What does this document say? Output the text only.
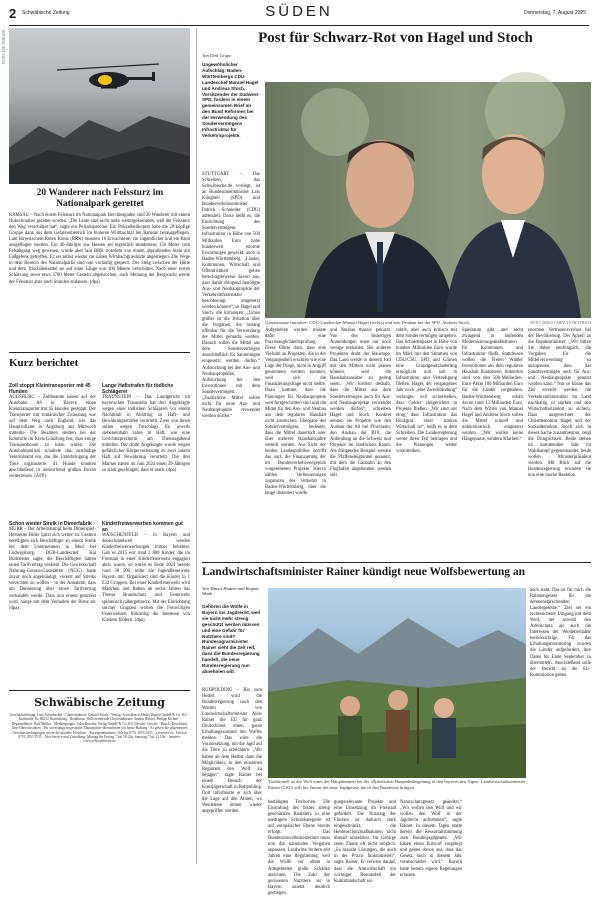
2 Schwäbische Zeitung	SÜDEN	Donnerstag, 7. August 2025
FOTO: DIE JUNGEN
20 Wanderer nach Felssturz im Nationalpark gerettet
RAMSAU – Nach einem Felssturz im Nationalpark Berchtesgaden sind 20 Wanderer mit einem Hubschrauber gerettet worden. „Die Leute sind nicht mehr weitergekommen, weil der Felssturz den Weg verschüttet hat“, sagte ein Polizeisprecher. Ein Polizeihelikopter habe die 20-köpfige Gruppe dann aus dem Gefahrenbereich im hinteren Wimbachtal bei Ramsau herausgeflogen. Laut Bayerischem Roten Kreuz (BRK) mussten 18 Erwachsene, ein Jugendlicher und ein Kind ausgeflogen werden. Ein 46-Jähriger aus Hessen sei eigentlich mindestens 150 Meter vom Felsabgang weg gewesen, wurde aber laut BRK trotzdem von einem abprallenden Stein am Fußgelenk getroffen. Er sei selbst wieder zur nahen Wimbachgrieshütte abgestiegen. Die Wege in dem Bereich des Nationalparks sind nun vorläufig gesperrt. Der Steig zwischen der Hütte und dem Trischübelsattel sei auf einer Länge von 100 Metern verschüttet. Nach einer ersten Schätzung seien etwa 3700 Meter Gestein abgebrochen, nach Meinung der Bergwacht werde der Felssturz aber noch Stunden andauern. (dpa)
Kurz berichtet
Zoll stoppt Kleintransporter mit 45 Hunden
AUGSBURG – Zollbeamte haben auf der Autobahn A8 in Bayern einen Kleintransporter mit 45 Hunden gestoppt. Der Transporter mit rumänischer Zulassung war auf dem Weg nach England, wie das Hauptzollamt in Augsburg am Mittwoch mitteilte. Die Beamten stellten bei der Kontrolle im Kreis Günzburg fest, dass einige Transportboxen zu klein waren. Die Autobahnpolizei schaltete das zuständige Veterinäramt ein, das die Unterbringung der Tiere organisierte. 41 Hunde konnten anschließend in ausreichend großen Boxen weiterreisen. (AFP)
Schon wieder Streik in Dimerfabrik
MURR – Der Arbeitskampf beim Dimerspiel-Hersteller Birne spitzt sich weiter zu. Gestern beteiligten sich Beschäftigte an einem Streik bei dem Unternehmen in Murr bei Ludwigsburg. DGB-Landeschef Kai Burmeister sagte, die Beschäftigten hätten einen Tarifvertrag verdient. Die Gewerkschaft Nahrung-Genuss-Gaststätten (NGG) hatte zuvor noch angekündigt, vorerst auf Streiks verzichten zu wollen – in der Annahme, dass am Donnerstag über einen Tarifvertrag verhandelt werde. Dass nun erneut gestreikt wird, hänge mit dem Verhalten der Birne ab. (dpa)
Lange Haftstrafen für tödliche Schlägerei
TRAUNSTEIN – Das Landgericht im bayerischen Traunstein hat drei Angeklagte wegen einer tödlichen Schlägerei vor einem Nachtklub in Altötting zu Haft- und Bewährungsstrafen verurteilt. Zwei von ihnen sollen wegen Totschlags für jeweils siebeneinhalb Jahre in Haft, wie eine Gerichtssprecherin am Dienstagabend mitteilte. Der dritte Angeklagte wurde wegen gefährlicher Körperverletzung zu zwei Jahren Haft auf Bewährung verurteilt. Die drei Männer hatten im Juni 2024 einen 39-Jährigen so stark geschlagen, dass er starb. (dpa)
Kinderfreiwerwerben kommen gut an
WAISCHENFELD – In Bayern und deutschlandweit werden Kinderfreiwerwerbungen immer beliebter. Gab es 2015 erst rund 2 800 Kinder, die im Freistaat in einer Kinderfeuerwehr engagiert aktiv waren, so waren es Ende 2024 bereits rund 30 500, teilte die Jugendfeuerwehr Bayern mit. Organisiert sind die Kinder in 1 633 Gruppen. Bei einer Kinderfeuerwehr wird Mädchen und Buben ab sechs Jahren das Thema Brandschutz und Feuerwehr spielerisch nähergebracht. Mit der Einrichtung solcher Gruppen wollen die Freiwilligen Feuerwehren frühzeitig die Interesse von Kindern fördern. (dpa)
Schwäbische Zeitung
Geschäftsführung: Lutz Schumacher · Chefredaktion: Gabriel Kords · Verlag: Schwäbisch Media Digital GmbH & Co. KG · Karlstraße 16, 88212 Ravensburg · Redaktion: Stellvertretende Chefredakteure: Jasmin Bühler, Philipp Richter · Regionalleiter: Ralf Müller · Mediengruppe: Schwäbischer Verlag GmbH & Co. KG Drexler, Gessler · Druck: Druckhaus Ulm-Oberschwaben · Für unverlangt eingesandte Manuskripte übernehmen wir keine Haftung · Es gelten die allgemeinen Geschäftsbedingungen sowie die aktuelle Preisliste · Anzeigenannahme: Telefon 0751 2955 5555 · Leserservice: Telefon 0751 2955 5555 · Abo-Service und Zustellung: Montag bis Freitag 7 bis 18 Uhr, Samstag 7 bis 12 Uhr · Internet: www.schwaebische.de
Post für Schwarz-Rot von Hagel und Stoch
Von Dirk Grupe
Ungewöhnlicher Aufschlag: Baden-Württembergs CDU-Landeschef Manuel Hagel und Andreas Stoch, Vorsitzender der Südwest-SPD, fordern in einem gemeinsamen Brief an den Bund Reformes bei der Verwendung des Sondervermögens Infrastruktur für Verkehrsprojekte.
STUTTGART – Das Schreiben, das Schwäbische.de vorliegt, ist an Bundesinnenminister Lars Klingbeil (SPD) und Bundesverkehrsminister Patrick Schnieder (CDU) adressiert. Darin heißt es, die Einrichtung des Sondervermögens Infrastruktur in Höhe von 500 Milliarden Euro habe bundesweit enorme Erwartungen geweckt, auch in Baden-Württemberg. „Länder, Kommunen, Wirtschaft und Öffentlichkeit gehen berechtigterweise davon aus, dass damit dringend benötigte Aus- und Neubauprojekte der Verkehrsinfrastruktur beschleunigt umgesetzt werden können“, so Hagel und Stoch, die kritisieren: „Umso größer ist die Irritation über die Vorgaben, die bislang offenbar für die Verwendung der Mittel gemacht werden. Danach sollen die Mittel aus dem Sondervermögen ausschließlich für Sanierungen eingesetzt werden dürfen.“ Aufstockung bei den Aus- und Neubauprojekten, Aufstockung bei den Investitionen mit dem Sondervermögen: „Zusätzliche Mittel sollen nicht für neue Aus- und Neubauprojekte verwendet werden dürfen.“
Gemeinsame Initiative: CDU-Landeschef Manuel Hagel (rechts) und sein Pendant bei der SPD, Andreas Stoch.	FOTO: IMAGO/ARNULF HETTRICH
Aufgehoben werden müsste dafür eine Praxistauglichkeitsprüfung. Diese führte dazu, dass eine Vielzahl an Projekten, die in der Vergangenheit erschien wie eine Lage der Dinge, nicht in Angriff genommen werden konnten, weil sich die Finanzierungsfrage nicht stellte. Dazu komme, dass die Planungen für Neubauprojekte weit fortgeschritten sind und die Mittel für den Aus- und Neubau aus dem regulären Haushalt nicht ausreichen. Übergabe des Sondervermögens bedeutet, dass die Mittel dauerhaft oder über mehrere Haushaltsjahre verteilt werden. Aus Sicht der beiden Landespolitiker betrifft das auch die Finanzierung der im Bundesverkehrswegeplan vorgesehenen Projekte. Hierzu zählen Verbesserungen zugunsten des Verkehrs in Baden-Württemberg, über die lange diskutiert wurde.
und Neubau massiv gekürzt. Von den bisherigen Anmeldungen seien nur noch wenige enthalten. Bei anderen Projekten droht der Baustopp. Das Land werde in diesem Fall mit den Mitteln nicht planen können, weil die Haushaltsansätze zu gering seien. „Wir fordern deshalb, dass die Mittel aus dem Sondervermögen auch für Aus- und Neubauprojekte verwendet werden dürfen“, schreiben Hagel und Stoch. Konkret nennen sie Projekte wie den Ausbau der A8 bei Pforzheim, den Ausbau der B10, die Anbindung an die Schweiz und Projekte im ländlichen Raum. Als dringendes Beispiel werden die Pfaffensteigtunnel genannt, mit dem die Gäubahn an den Flughafen angebunden werden soll.
ruktiv, aber auch kritisch mit dem Sondervermögen umgehen. Das Schuldenpaket in Höhe von hundert Milliarden Euro wurde im März mit den Stimmen von CDU/CSU, SPD und Grünen eine Grundgesetzänderung ermöglicht und soll in Infrastruktur und Verteidigung fließen. Hagel, der vergangenes Jahr noch „eine Zweckbindung“ verlangte, will sicherstellen, dass Gelder zielgerichtet in Projekte fließen. „Wir sind uns einig, dass Infrastruktur das Rückgrat einer starken Wirtschaft ist“, heißt es in dem Schreiben. Die Landesregierung werde ihren Teil beitragen und die Planungen weiter vorantreiben.
Spielraum gibt und nicht zwingend in laufenden Modernisierungsmaßnahmen für Kommunen und Infrastruktur fließt. Stattdessen wollen die Freien Wähler Investitionen aus dem regulären Haushalt finanzieren. Immerhin sind von den 500-Milliarden-Euro-Paket 100 Milliarden Euro für die Länder vorgesehen. Baden-Württemberg erhält davon rund 13 Milliarden Euro. Nach dem Willen von Manuel Hagel und Andreas Stoch sollen die Mittel schnell und unbürokratisch eingesetzt werden. „Wir wollen keine Hängepartie, sondern Klarheit.“
enormen Vertrauensverlust bei der Bevölkerung. Der Appell an die Bundesminister: „Wir bitten Sie daher eindringlich, die Vorgaben für die Mittelverwendung so anzupassen, dass das Sondervermögen auch für Aus- und Neubauprojekte genutzt werden kann.“ Nur so könne das Ziel erreicht werden, die Verkehrsinfrastruktur im Land nachhaltig zu stärken und den Wirtschaftsstandort zu sichern. Dass ausgerechnet der Christdemokrat Hagel und der Sozialdemokrat Stoch sich in dieser Sache zusammentun, zeigt die Dringlichkeit. Beide stehen im kommenden Jahr im Wahlkampf gegeneinander, beide wollen Ministerpräsident werden. Mit Blick auf die Bundesregierung erwarten sie nun eine rasche Reaktion.
Landwirtschaftsminister Rainer kündigt neue Wolfsbewertung an
Von Marco Hadem und Regina Wank
Gehören die Wölfe in Bayern ins Jagdrecht, weil sie nicht mehr streng geschützt werden müssen und eine Gefahr für Nutztiere sind? Bundesagrarminister Rainer sieht die Zeit reif, dass die Bundesregierung handelt, die neue Bundesregierung nun abnehmen will.
RUHPOLDING – Bis zum Herbst wird die Bundesregierung nach den Worten von Landwirtschaftsminister Alois Rainer die EU für ganz Deutschland einen guten Erhaltungszustand des Wolfes melden. Das wäre die Voraussetzung, um die Jagd auf die Tiere zu erleichtern. „Wir haben ab dem Herbst dann die Möglichkeit, in den einzelnen Regionen den Wolf zu bejagen“, sagte Rainer bei einem Besuch der Kreisjägerschaft in Ruhpolding. Dort informierte er sich über die Lage auf den Almen, wo Weidetiere immer wieder angegriffen werden.
Traditionell ist der Wolf eines der Hauptthemen bei der alljährlichen Hauptalmbegehung in den bayerischen Alpen. Landwirtschaftsminister Rainer (CSU) will bis Januar das neue Jagdgesetz durch den Bundesrat bringen.
bestätigten Territorien. Die Einstufung des bisher streng geschützten Raubtiers in eine niedrigere Schutzkategorie ist auf europäischer Ebene bereits erfolgt. Das Bundesumweltministerium muss nun die nationalen Vorgaben anpassen. Landwirte fordern seit Jahren eine Regulierung, weil die Wölfe vor allem in Almgebieten große Schäden anrichten. Die Zahl der gerissenen Nutztiere ist in Bayern zuletzt deutlich gestiegen.
gungsrelevante Projekte und eine Umsetzung im Freistaat gefordert. Die Nutzung der Flächen ist dadurch stark eingeschränkt, die Herdenschutzmaßnahmen nicht überall umsetzbar. Im Gebirge seien Zäune oft nicht möglich. „Es braucht Lösungen, die auch in der Praxis funktionieren“, sagte Rainer. Er verwies darauf, dass die Almwirtschaft ein wichtiger Bestandteil der Kulturlandschaft sei.
Naturschutzgesetz geändert.“ „Wir wollen den Wolf und wir wollen den Wolf in der Jagdrecht aufnehmen“, sagte Rainer. In diesem Tagen starte bereits die Ressortabstimmung zum Bundesjagdgesetz. „Wir haben einen Entwurf vorgelegt und gehen davon aus, dass das Gesetz noch in diesem Jahr verabschiedet wird.“ Bayern hatte bereits eigene Regelungen erlassen.
auch steht. Das ist für mich die Rahmengesetz für die demnenstprechenden Ländergesetze.“ Ziel sei ein rechtssicherer Umgang mit dem Wolf, der sowohl den Artenschutz als auch die Interessen der Weidetierhalter berücksichtige. Für das Erhaltungsmonitoring wurden die Länder aufgefordert, ihre Daten bis Ende September zu übermitteln. Anschließend solle der Bericht an die EU-Kommission gehen.
